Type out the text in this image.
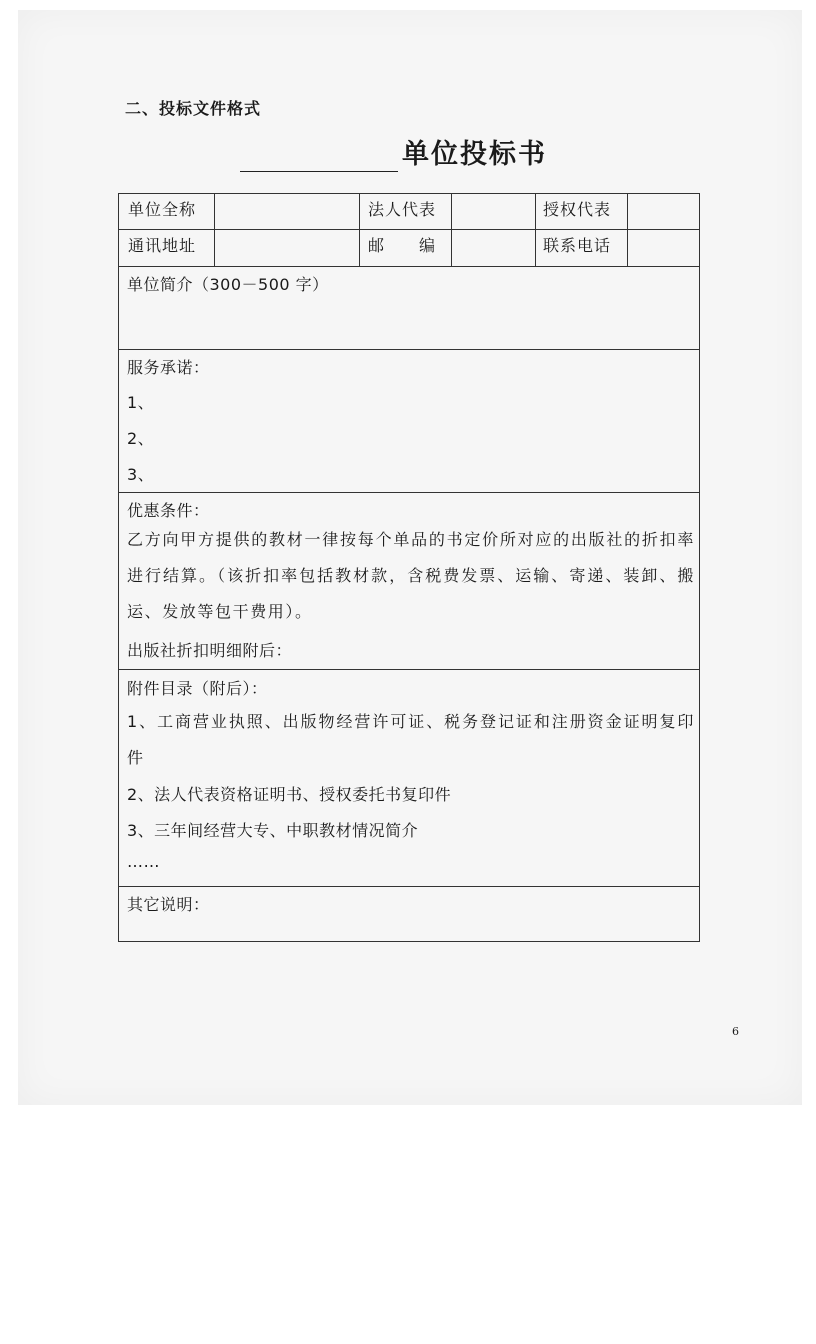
二、投标文件格式
单位投标书
单位全称	法人代表	授权代表
通讯地址	邮　　编	联系电话
单位简介（300－500 字）
服务承诺：
1、
2、
3、
优惠条件：
乙方向甲方提供的教材一律按每个单品的书定价所对应的出版社的折扣率进行结算。（该折扣率包括教材款，含税费发票、运输、寄递、装卸、搬运、发放等包干费用）。
出版社折扣明细附后：
附件目录（附后）：
1、工商营业执照、出版物经营许可证、税务登记证和注册资金证明复印件
2、法人代表资格证明书、授权委托书复印件
3、三年间经营大专、中职教材情况简介
……
其它说明：
6
